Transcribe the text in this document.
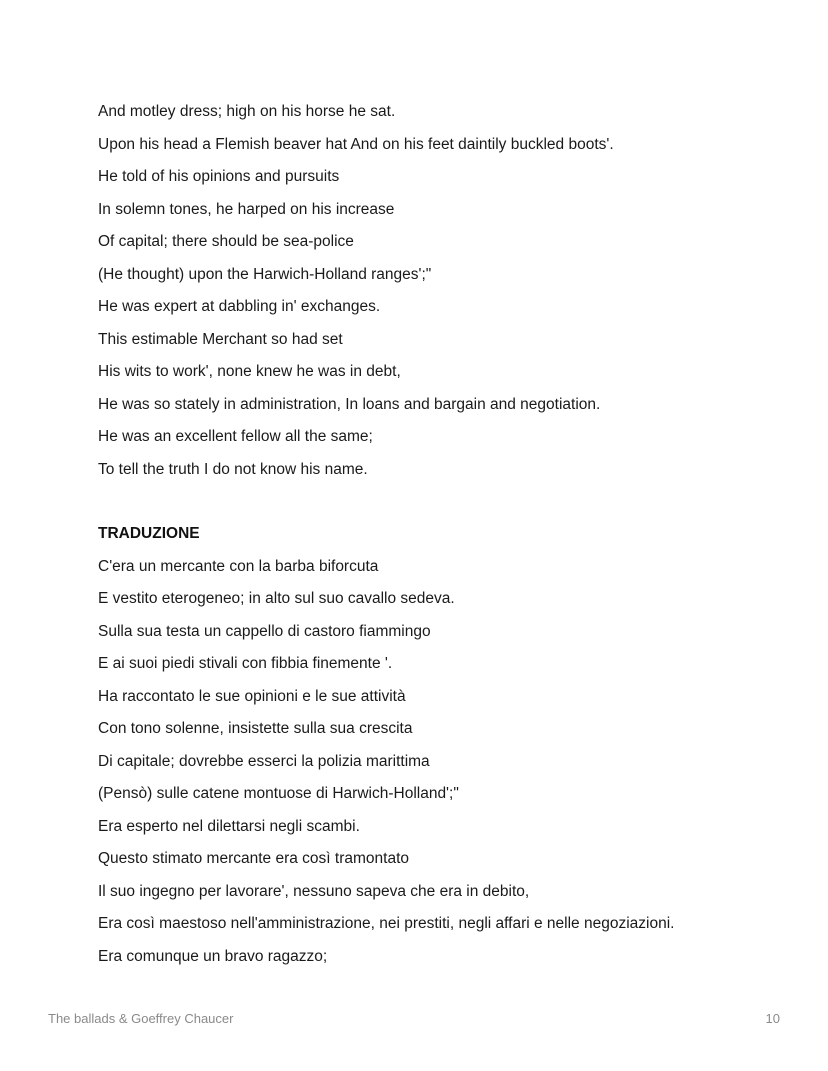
And motley dress; high on his horse he sat.
Upon his head a Flemish beaver hat And on his feet daintily buckled boots'.
He told of his opinions and pursuits
In solemn tones, he harped on his increase
Of capital; there should be sea-police
(He thought) upon the Harwich-Holland ranges';"
He was expert at dabbling in' exchanges.
This estimable Merchant so had set
His wits to work', none knew he was in debt,
He was so stately in administration, In loans and bargain and negotiation.
He was an excellent fellow all the same;
To tell the truth I do not know his name.
TRADUZIONE
C'era un mercante con la barba biforcuta
E vestito eterogeneo; in alto sul suo cavallo sedeva.
Sulla sua testa un cappello di castoro fiammingo
E ai suoi piedi stivali con fibbia finemente '.
Ha raccontato le sue opinioni e le sue attività
Con tono solenne, insistette sulla sua crescita
Di capitale; dovrebbe esserci la polizia marittima
(Pensò) sulle catene montuose di Harwich-Holland';"
Era esperto nel dilettarsi negli scambi.
Questo stimato mercante era così tramontato
Il suo ingegno per lavorare', nessuno sapeva che era in debito,
Era così maestoso nell'amministrazione, nei prestiti, negli affari e nelle negoziazioni.
Era comunque un bravo ragazzo;
The ballads & Goeffrey Chaucer	10
